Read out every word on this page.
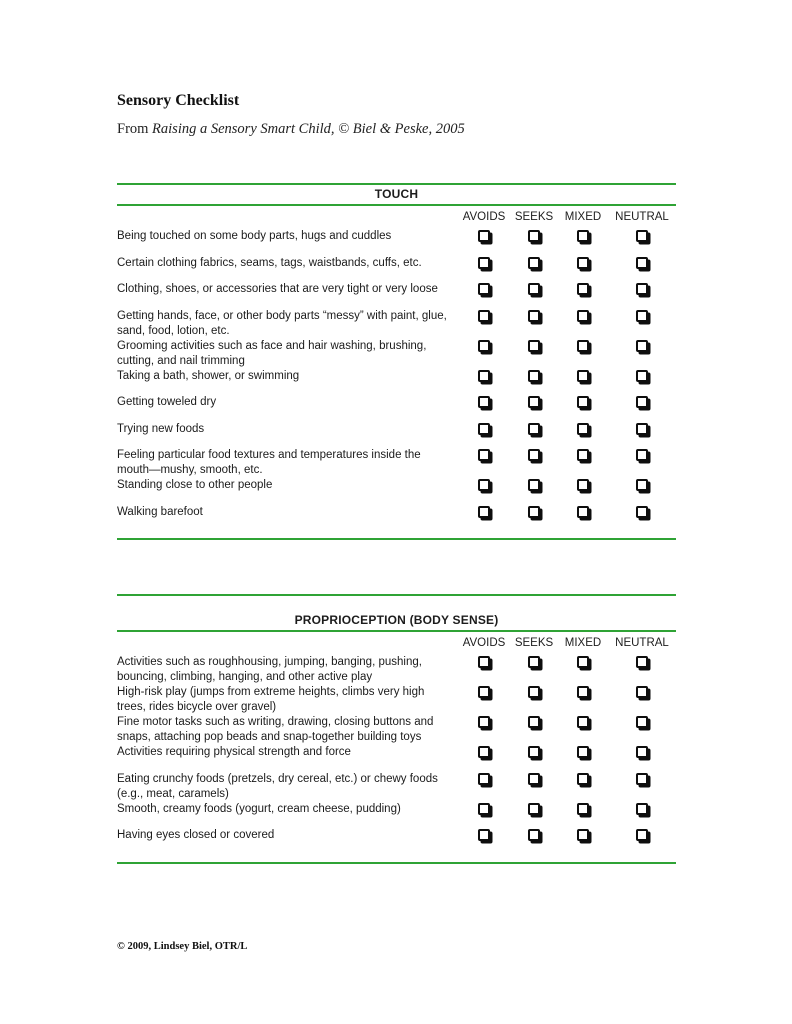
Sensory Checklist

From Raising a Sensory Smart Child, © Biel & Peske, 2005

TOUCH
AVOIDS SEEKS	MIXED	NEUTRAL
Being touched on some body parts, hugs and cuddles
Certain clothing fabrics, seams, tags, waistbands, cuffs, etc.
Clothing, shoes, or accessories that are very tight or very loose
Getting hands, face, or other body parts “messy” with paint, glue, sand, food, lotion, etc.
Grooming activities such as face and hair washing, brushing, cutting, and nail trimming
Taking a bath, shower, or swimming
Getting toweled dry
Trying new foods
Feeling particular food textures and temperatures inside the mouth—mushy, smooth, etc.
Standing close to other people
Walking barefoot
PROPRIOCEPTION (BODY SENSE)
AVOIDS SEEKS	MIXED	NEUTRAL
Activities such as roughhousing, jumping, banging, pushing, bouncing, climbing, hanging, and other active play
High-risk play (jumps from extreme heights, climbs very high trees, rides bicycle over gravel)
Fine motor tasks such as writing, drawing, closing buttons and snaps, attaching pop beads and snap-together building toys
Activities requiring physical strength and force
Eating crunchy foods (pretzels, dry cereal, etc.) or chewy foods (e.g., meat, caramels)
Smooth, creamy foods (yogurt, cream cheese, pudding)
Having eyes closed or covered

© 2009, Lindsey Biel, OTR/L
